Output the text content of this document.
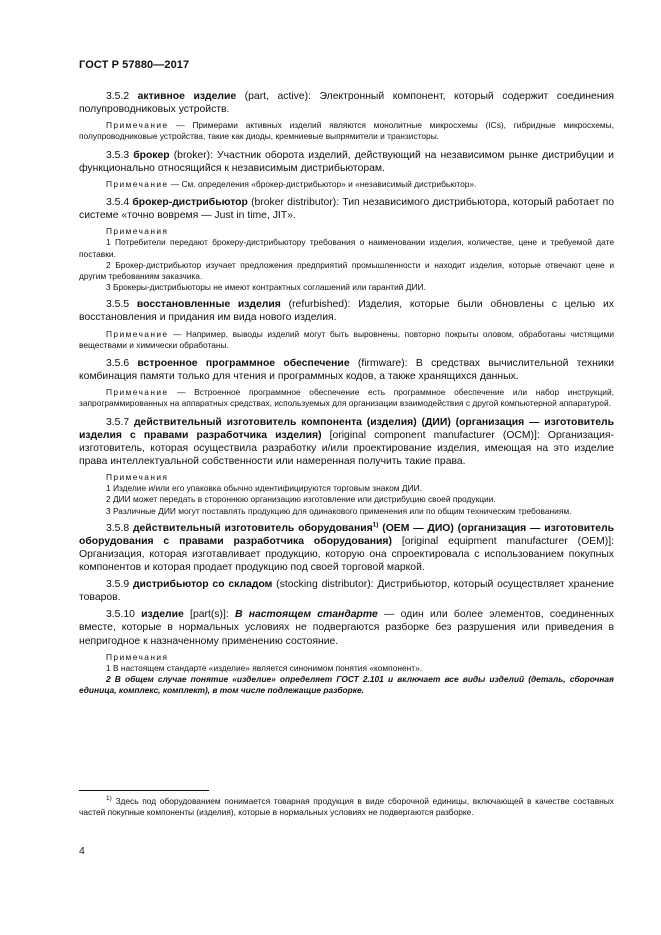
ГОСТ Р 57880—2017

3.5.2 активное изделие (part, active): Электронный компонент, который содержит соединения полупроводниковых устройств.

Примечание — Примерами активных изделий являются монолитные микросхемы (ICs), гибридные микросхемы, полупроводниковые устройства, такие как диоды, кремниевые выпрямители и транзисторы.

3.5.3 брокер (broker): Участник оборота изделий, действующий на независимом рынке дистрибуции и функционально относящийся к независимым дистрибьюторам.

Примечание — См. определения «брокер-дистрибьютор» и «независимый дистрибьютор».

3.5.4 брокер-дистрибьютор (broker distributor): Тип независимого дистрибьютора, который работает по системе «точно вовремя — Just in time, JIT».

Примечания

1 Потребители передают брокеру-дистрибьютору требования о наименовании изделия, количестве, цене и требуемой дате поставки.

2 Брокер-дистрибьютор изучает предложения предприятий промышленности и находит изделия, которые отвечают цене и другим требованиям заказчика.

3 Брокеры-дистрибьюторы не имеют контрактных соглашений или гарантий ДИИ.

3.5.5 восстановленные изделия (refurbished): Изделия, которые были обновлены с целью их восстановления и придания им вида нового изделия.

Примечание — Например, выводы изделий могут быть выровнены, повторно покрыты оловом, обработаны чистящими веществами и химически обработаны.

3.5.6 встроенное программное обеспечение (firmware): В средствах вычислительной техники комбинация памяти только для чтения и программных кодов, а также хранящихся данных.

Примечание — Встроенное программное обеспечение есть программное обеспечение или набор инструкций, запрограммированных на аппаратных средствах, используемых для организации взаимодействия с другой компьютерной аппаратурой.

3.5.7 действительный изготовитель компонента (изделия) (ДИИ) (организация — изготовитель изделия с правами разработчика изделия) [original component manufacturer (OCM)]: Организация-изготовитель, которая осуществила разработку и/или проектирование изделия, имеющая на это изделие права интеллектуальной собственности или намеренная получить такие права.

Примечания

1 Изделие и/или его упаковка обычно идентифицируются торговым знаком ДИИ.

2 ДИИ может передать в стороннюю организацию изготовление или дистрибуцию своей продукции.

3 Различные ДИИ могут поставлять продукцию для одинакового применения или по общим техническим требованиям.

3.5.8 действительный изготовитель оборудования$^{1)}$ (ОЕМ — ДИО) (организация — изготовитель оборудования с правами разработчика оборудования) [original equipment manufacturer (OEM)]: Организация, которая изготавливает продукцию, которую она спроектировала с использованием покупных компонентов и которая продает продукцию под своей торговой маркой.

3.5.9 дистрибьютор со складом (stocking distributor): Дистрибьютор, который осуществляет хранение товаров.

3.5.10 изделие [part(s)]: В настоящем стандарте — один или более элементов, соединенных вместе, которые в нормальных условиях не подвергаются разборке без разрушения или приведения в непригодное к назначенному применению состояние.

Примечания

1 В настоящем стандарте «изделие» является синонимом понятия «компонент».

2 В общем случае понятие «изделие» определяет ГОСТ 2.101 и включает все виды изделий (деталь, сборочная единица, комплекс, комплект), в том числе подлежащие разборке.

$^{1)}$ Здесь под оборудованием понимается товарная продукция в виде сборочной единицы, включающей в качестве составных частей покупные компоненты (изделия), которые в нормальных условиях не подвергаются разборке.

4
